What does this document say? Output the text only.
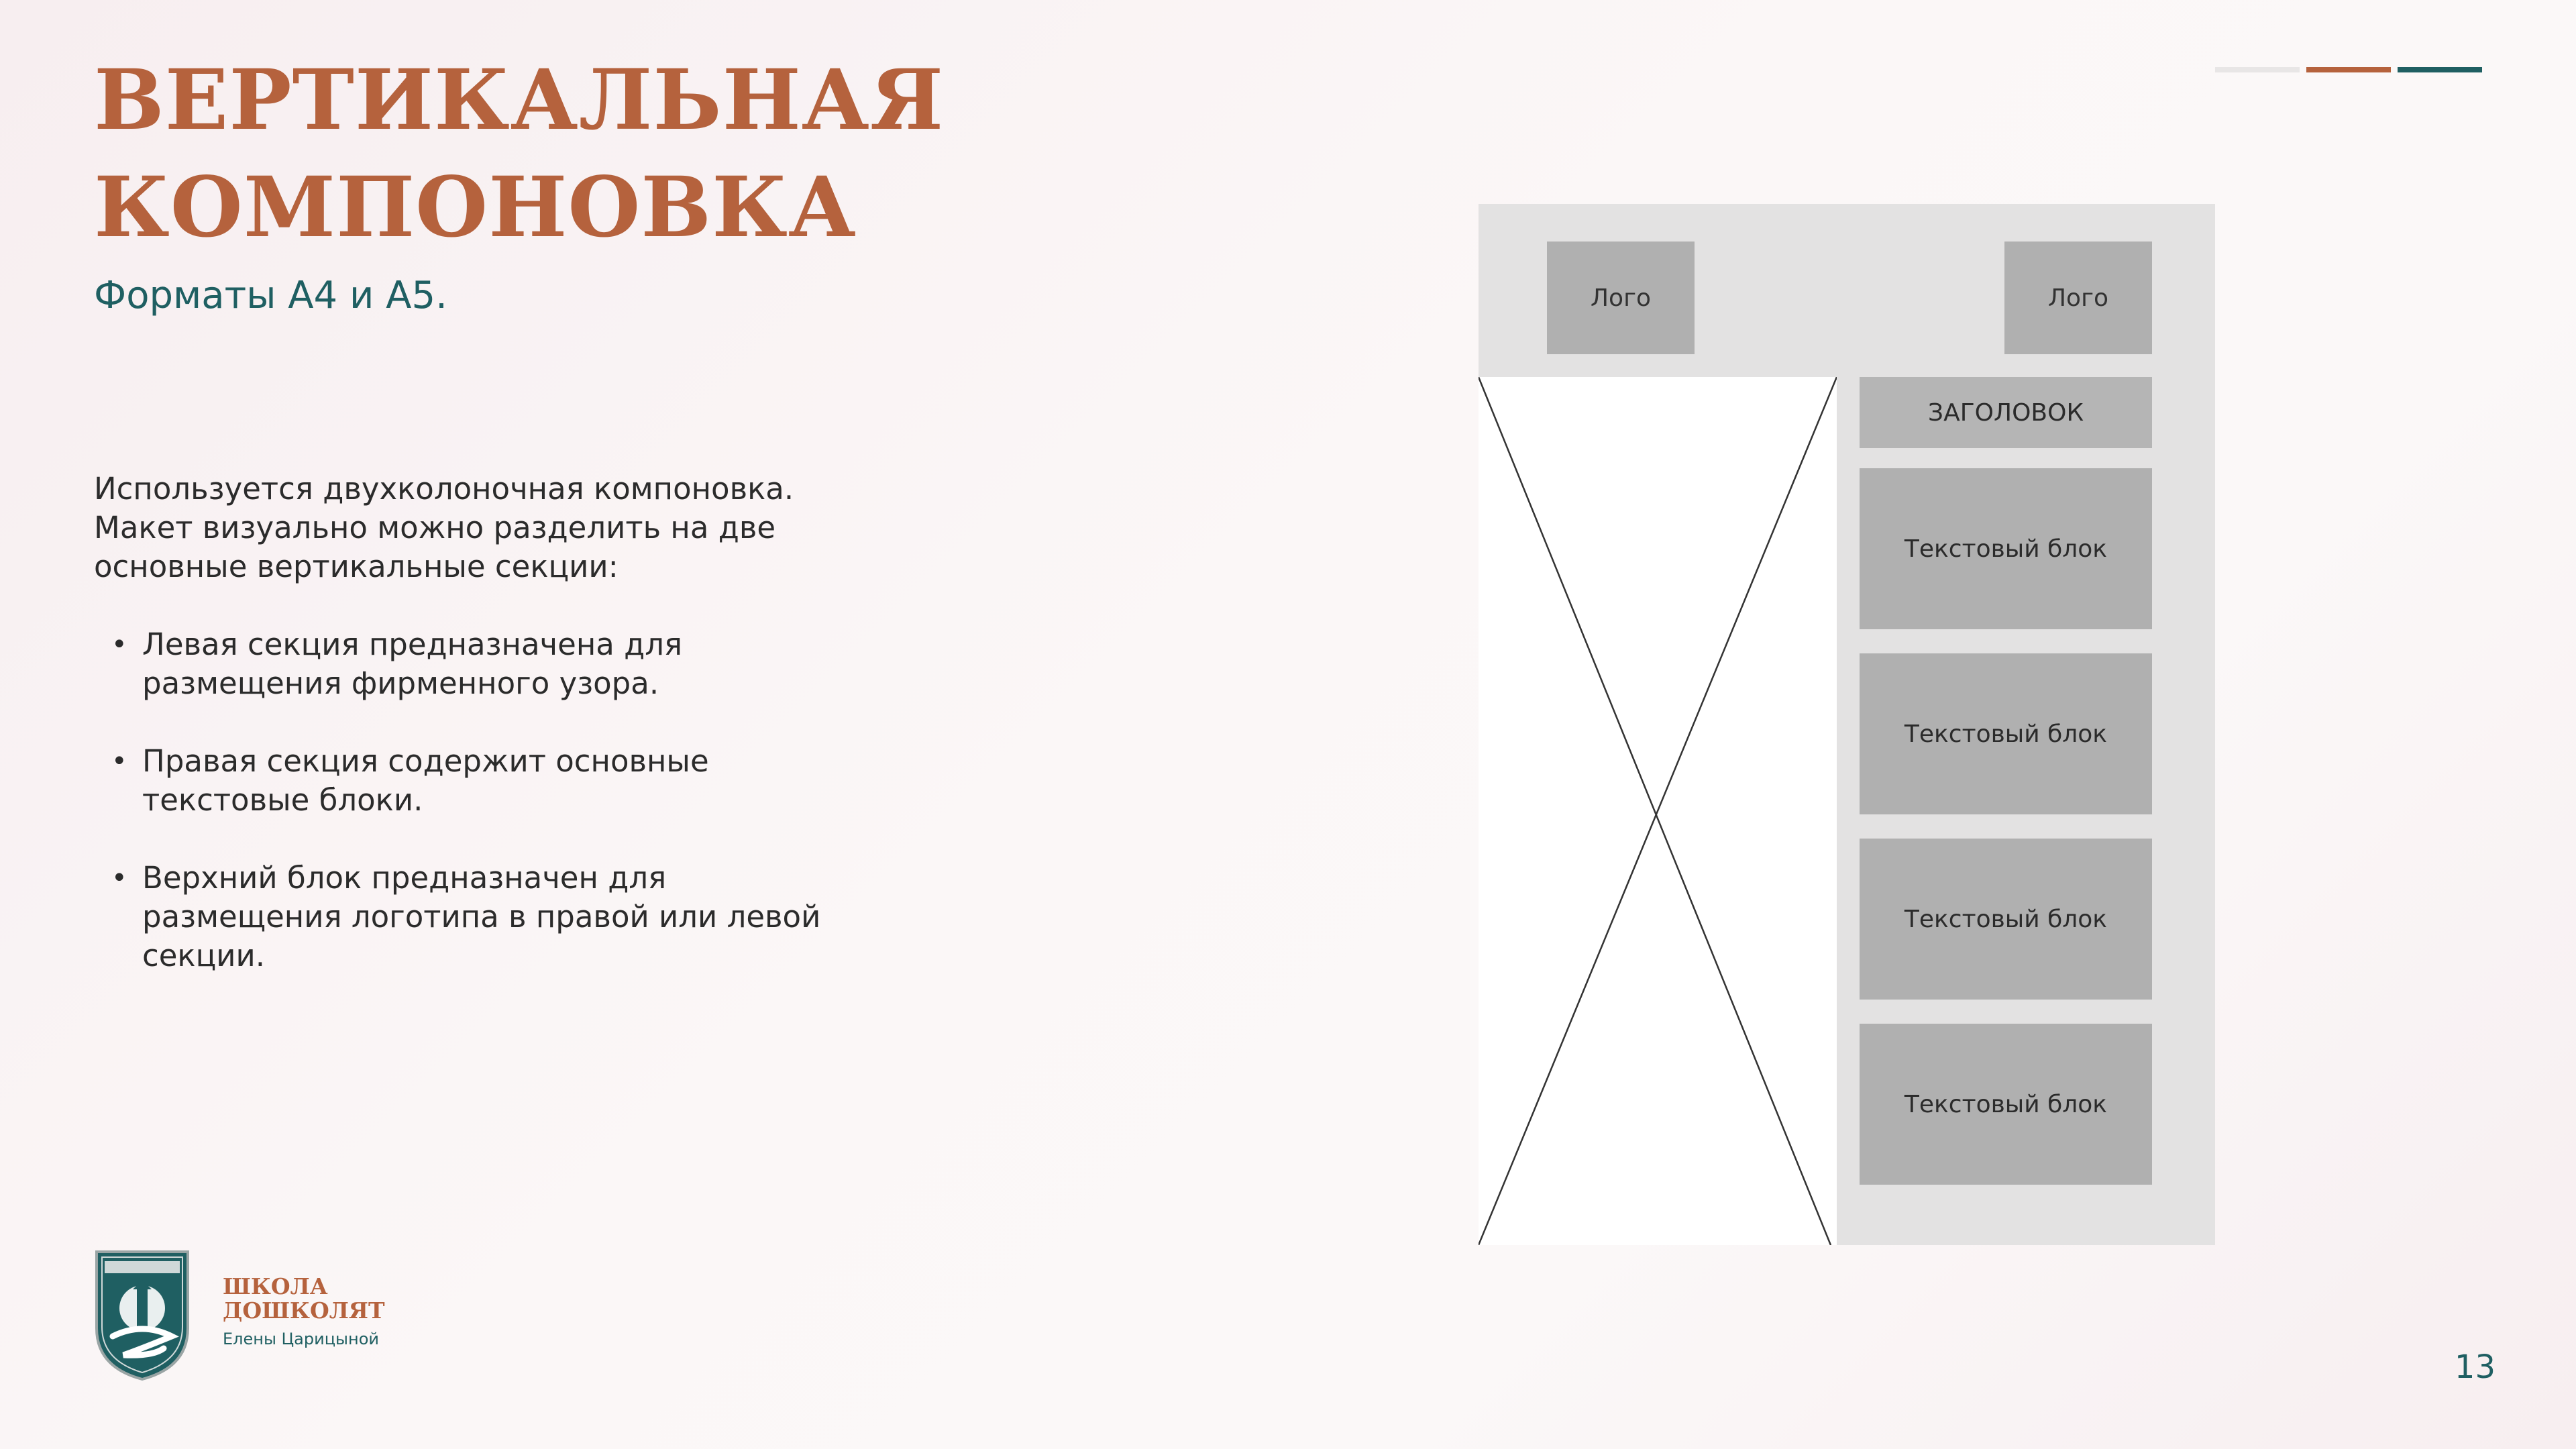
ВЕРТИКАЛЬНАЯ
КОМПОНОВКА
Форматы А4 и А5.
Используется двухколоночная компоновка.
Макет визуально можно разделить на две
основные вертикальные секции:
• Левая секция предназначена для
размещения фирменного узора.
• Правая секция содержит основные
текстовые блоки.
• Верхний блок предназначен для
размещения логотипа в правой или левой
секции.
Лого	Лого
ЗАГОЛОВОК
Текстовый блок
Текстовый блок
Текстовый блок
Текстовый блок
ШКОЛА
ДОШКОЛЯТ
Елены Царицыной
13
